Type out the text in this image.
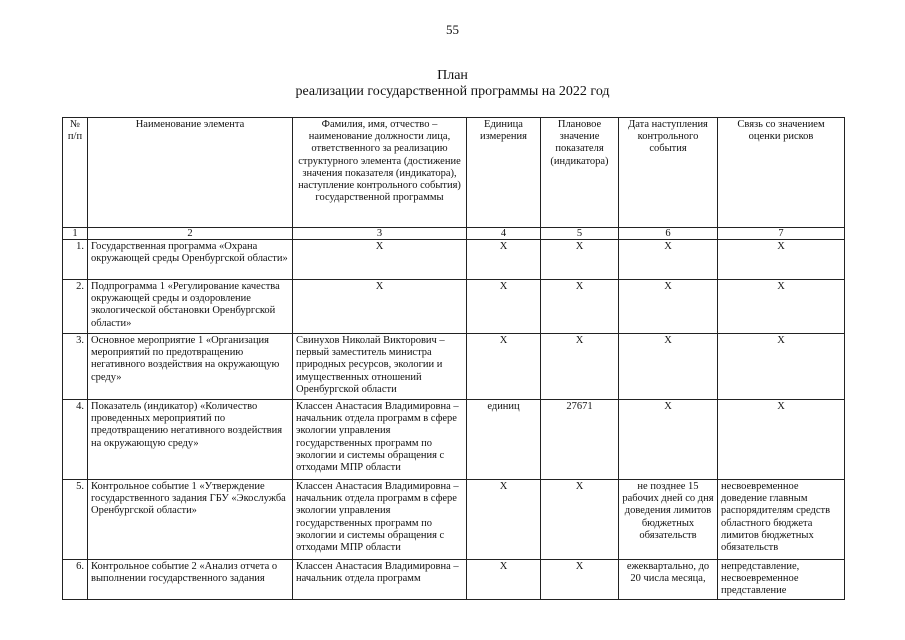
55
План
реализации государственной программы на 2022 год
№ п/п	Наименование элемента	Фамилия, имя, отчество – наименование должности лица, ответственного за реализацию структурного элемента (достижение значения показателя (индикатора), наступление контрольного события) государственной программы	Единица измерения	Плановое значение показателя (индикатора)	Дата наступления контрольного события	Связь со значением оценки рисков
1	2	3	4	5	6	7
1.	Государственная программа «Охрана окружающей среды Оренбургской области»	Х	Х	Х	Х	Х
2.	Подпрограмма 1 «Регулирование качества окружающей среды и оздоровление экологической обстановки Оренбургской области»	Х	Х	Х	Х	Х
3.	Основное мероприятие 1 «Организация мероприятий по предотвращению негативного воздействия на окружающую среду»	Свинухов Николай Викторович – первый заместитель министра природных ресурсов, экологии и имущественных отношений Оренбургской области	Х	Х	Х	Х
4.	Показатель (индикатор) «Количество проведенных мероприятий по предотвращению негативного воздействия на окружающую среду»	Классен Анастасия Владимировна – начальник отдела программ в сфере экологии управления государственных программ по экологии и системы обращения с отходами МПР области	единиц	27671	Х	Х
5.	Контрольное событие 1 «Утверждение государственного задания ГБУ «Экослужба Оренбургской области»	Классен Анастасия Владимировна – начальник отдела программ в сфере экологии управления государственных программ по экологии и системы обращения с отходами МПР области	Х	Х	не позднее 15 рабочих дней со дня доведения лимитов бюджетных обязательств	несвоевременное доведение главным распорядителям средств областного бюджета лимитов бюджетных обязательств
6.	Контрольное событие 2 «Анализ отчета о выполнении государственного задания	Классен Анастасия Владимировна – начальник отдела программ	Х	Х	ежеквартально, до 20 числа месяца,	непредставление, несвоевременное представление
